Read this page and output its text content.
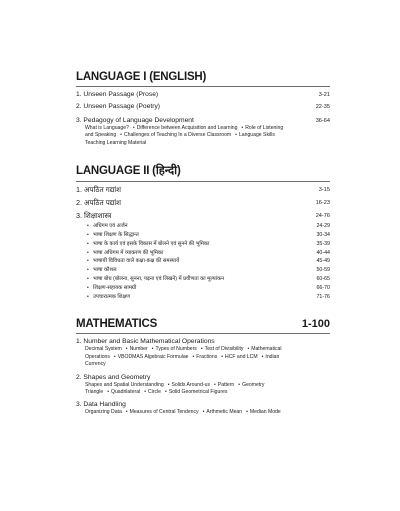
LANGUAGE I (ENGLISH)
1. Unseen Passage (Prose)	3-21
2. Unseen Passage (Poetry)	22-35
3. Pedagogy of Language Development	36-64
What is Language? • Difference between Acquisition and Learning • Role of Listening
and Speaking • Challenges of Teaching In a Diverse Classroom • Language Skills
Teaching Learning Material
LANGUAGE II (हिन्दी)
1. अपठित गद्यांश	3-15
2. अपठित पद्यांश	16-23
3. शिक्षाशास्त्र	24-76
• अधिगम एवं अर्जन	24-29
• भाषा शिक्षण के सिद्धान्त	30-34
• भाषा के कार्य एवं इसके विकास में बोलने एवं सुनने की भूमिका	35-39
• भाषा अधिगम में व्याकरण की भूमिका	40-44
• भाषायी विविधता वाले कक्षा-कक्ष की समस्यायें	45-49
• भाषा कौशल	50-59
• भाषा बोध (बोलना, सुनना, पढ़ना एवं लिखने) में प्रवीणता का मूल्यांकन	60-65
• शिक्षण-सहायक सामग्री	66-70
• उपचारात्मक शिक्षण	71-76
MATHEMATICS	1-100
1. Number and Basic Mathematical Operations
Decimal System • Number • Types of Numbers • Test of Divisibility • Mathematical
Operations • VBODMAS Algebraic Formulae • Fractions • HCF and LCM • Indian
Currency
2. Shapes and Geometry
Shapes and Spatial Understanding • Solids Around-us • Pattern • Geometry
Triangle • Quadrilateral • Circle • Solid Geometrical Figures
3. Data Handling
Organizing Data • Measures of Central Tendency • Arthmetic Mean • Median Mode
